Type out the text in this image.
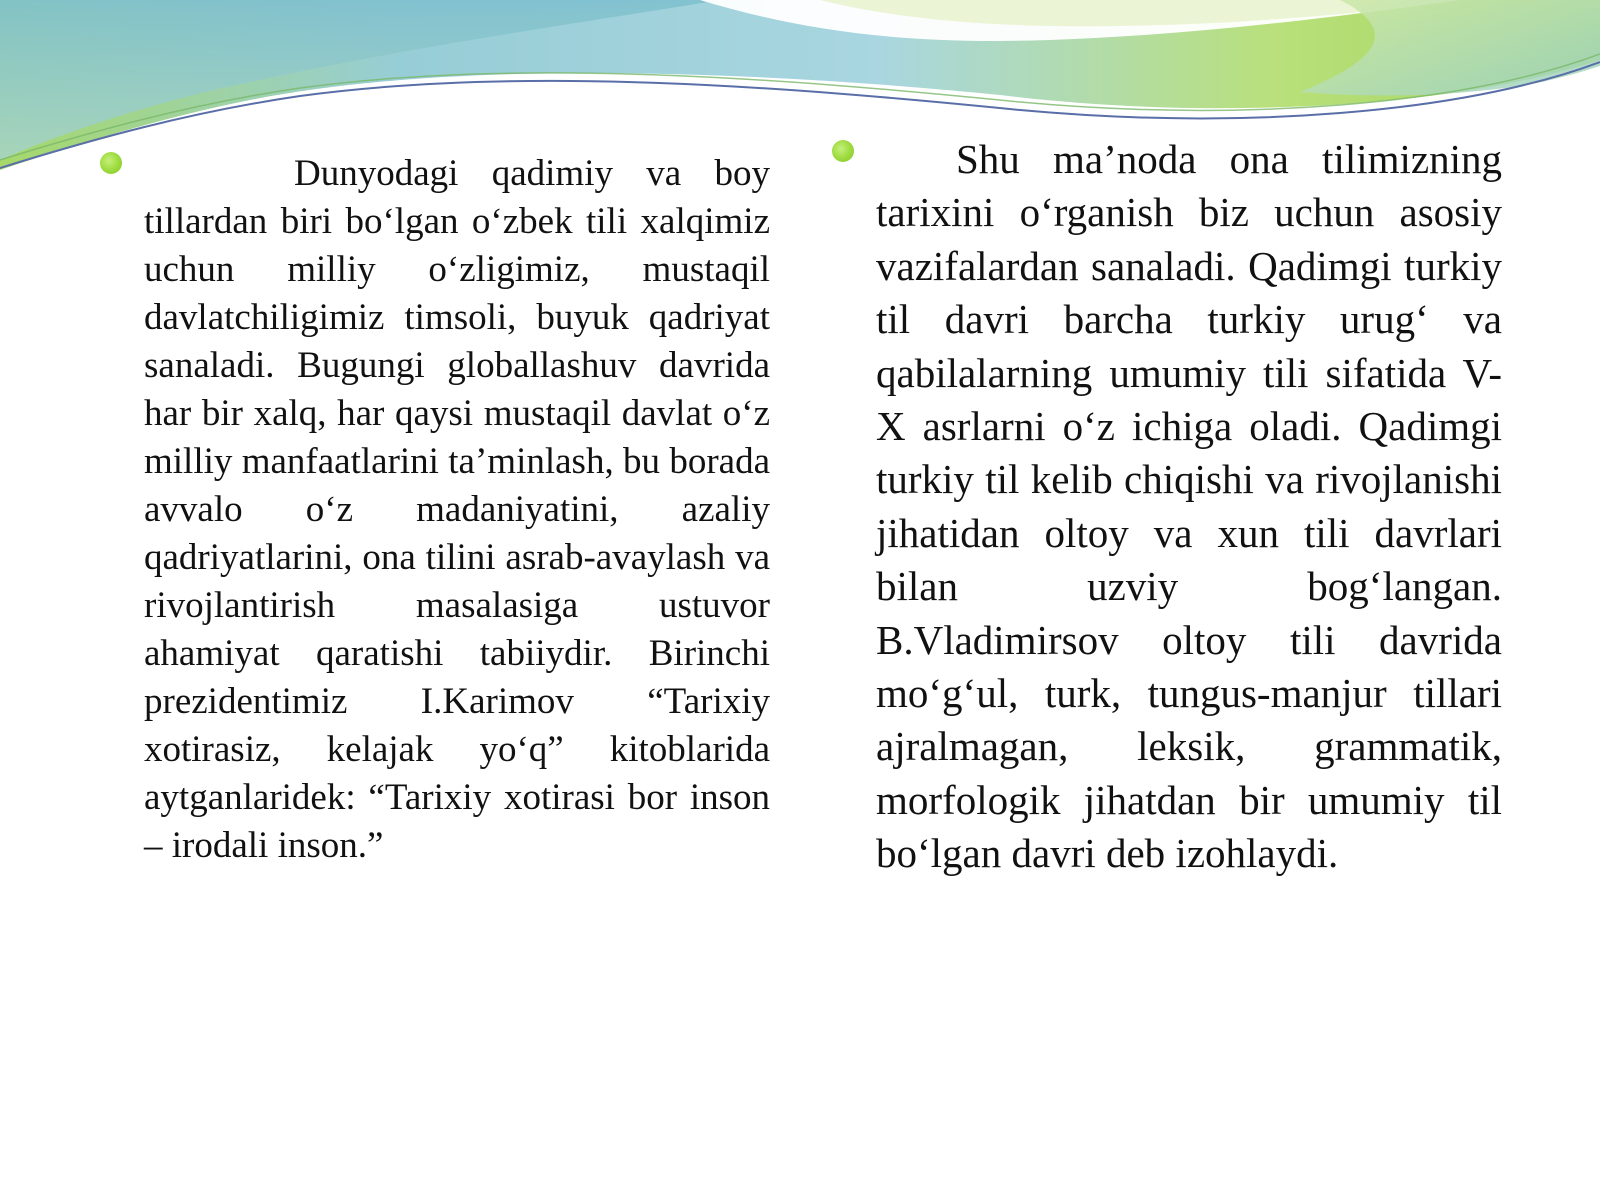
Dunyodagi qadimiy va boy tillardan biri bo‘lgan o‘zbek tili xalqimiz uchun milliy o‘zligimiz, mustaqil davlatchiligimiz timsoli, buyuk qadriyat sanaladi. Bugungi globallashuv davrida har bir xalq, har qaysi mustaqil davlat o‘z milliy manfaatlarini ta’minlash, bu borada avvalo o‘z madaniyatini, azaliy qadriyatlarini, ona tilini asrab-avaylash va rivojlantirish masalasiga ustuvor ahamiyat qaratishi tabiiydir. Birinchi prezidentimiz I.Karimov “Tarixiy xotirasiz, kelajak yo‘q” kitoblarida aytganlaridek: “Tarixiy xotirasi bor inson – irodali inson.”

Shu ma’noda ona tilimizning tarixini o‘rganish biz uchun asosiy vazifalardan sanaladi. Qadimgi turkiy til davri barcha turkiy urug‘ va qabilalarning umumiy tili sifatida V-X asrlarni o‘z ichiga oladi. Qadimgi turkiy til kelib chiqishi va rivojlanishi jihatidan oltoy va xun tili davrlari bilan uzviy bog‘langan. B.Vladimirsov oltoy tili davrida mo‘g‘ul, turk, tungus-manjur tillari ajralmagan, leksik, grammatik, morfologik jihatdan bir umumiy til bo‘lgan davri deb izohlaydi.
